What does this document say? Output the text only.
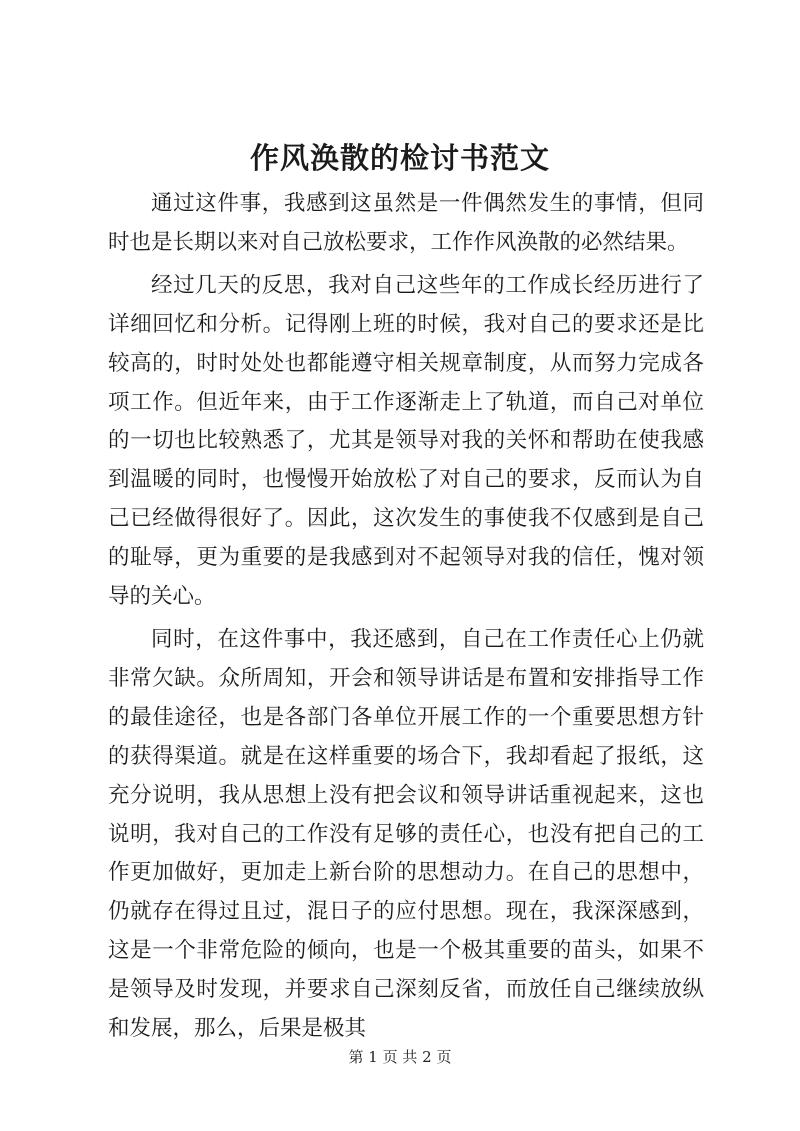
作风涣散的检讨书范文

通过这件事，我感到这虽然是一件偶然发生的事情，但同时也是长期以来对自己放松要求，工作作风涣散的必然结果。

经过几天的反思，我对自己这些年的工作成长经历进行了详细回忆和分析。记得刚上班的时候，我对自己的要求还是比较高的，时时处处也都能遵守相关规章制度，从而努力完成各项工作。但近年来，由于工作逐渐走上了轨道，而自己对单位的一切也比较熟悉了，尤其是领导对我的关怀和帮助在使我感到温暖的同时，也慢慢开始放松了对自己的要求，反而认为自己已经做得很好了。因此，这次发生的事使我不仅感到是自己的耻辱，更为重要的是我感到对不起领导对我的信任，愧对领导的关心。

同时，在这件事中，我还感到，自己在工作责任心上仍就非常欠缺。众所周知，开会和领导讲话是布置和安排指导工作的最佳途径，也是各部门各单位开展工作的一个重要思想方针的获得渠道。就是在这样重要的场合下，我却看起了报纸，这充分说明，我从思想上没有把会议和领导讲话重视起来，这也说明，我对自己的工作没有足够的责任心，也没有把自己的工作更加做好，更加走上新台阶的思想动力。在自己的思想中，仍就存在得过且过，混日子的应付思想。现在，我深深感到，这是一个非常危险的倾向，也是一个极其重要的苗头，如果不是领导及时发现，并要求自己深刻反省，而放任自己继续放纵和发展，那么，后果是极其

第 1 页 共 2 页
